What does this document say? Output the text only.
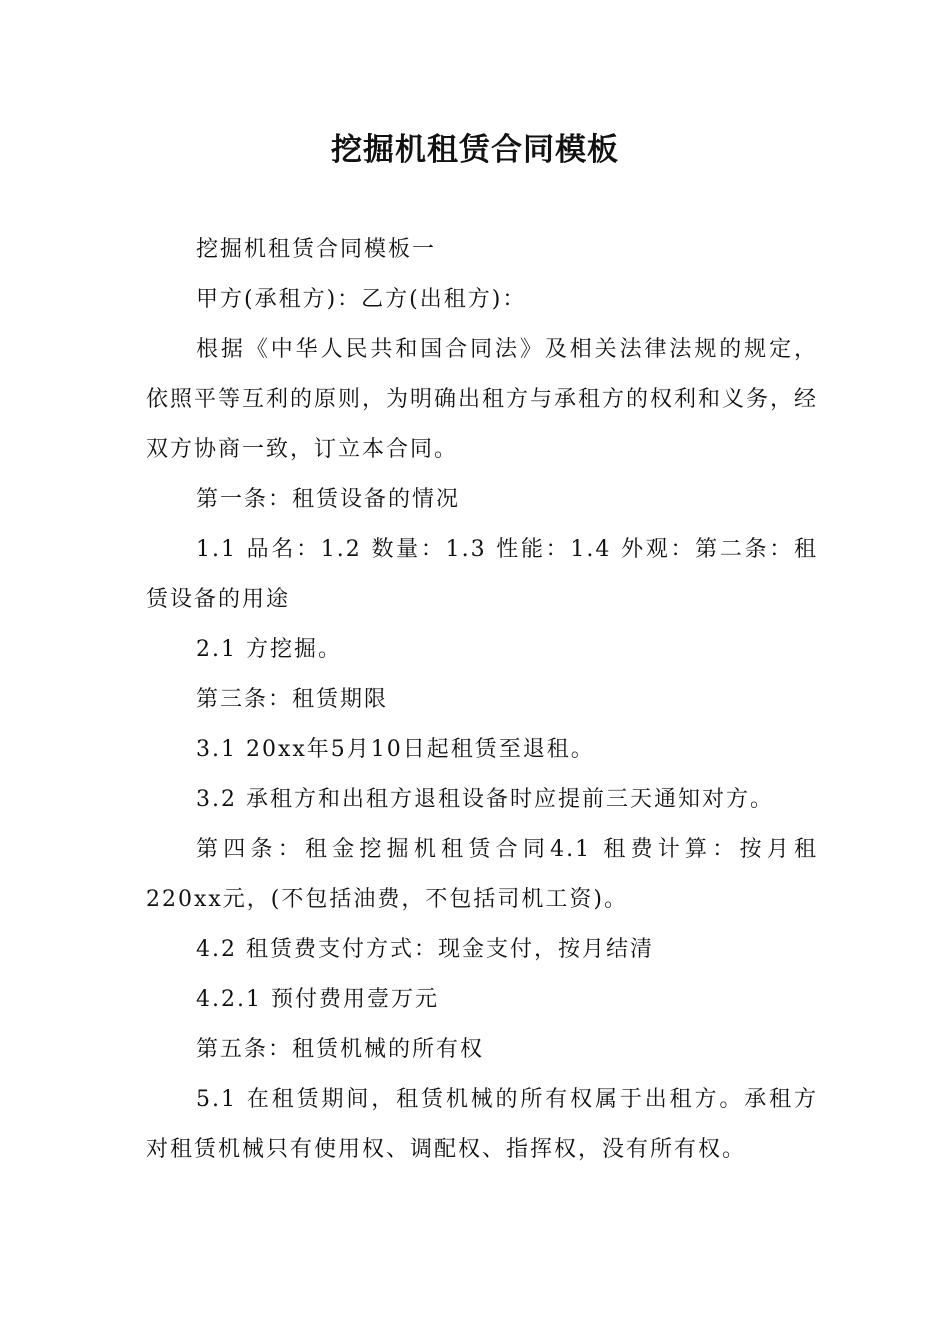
挖掘机租赁合同模板

挖掘机租赁合同模板一

甲方(承租方)：乙方(出租方)：

根据《中华人民共和国合同法》及相关法律法规的规定， 依照平等互利的原则，为明确出租方与承租方的权利和义务，经双方协商一致，订立本合同。

第一条：租赁设备的情况

1.1 品名：1.2 数量：1.3 性能：1.4 外观：第二条：租赁设备的用途

2.1 方挖掘。

第三条：租赁期限

3.1 20xx年5月10日起租赁至退租。

3.2 承租方和出租方退租设备时应提前三天通知对方。

第四条：租金挖掘机租赁合同4.1 租费计算：按月租220xx元，(不包括油费，不包括司机工资)。

4.2 租赁费支付方式：现金支付，按月结清

4.2.1 预付费用壹万元

第五条：租赁机械的所有权

5.1 在租赁期间，租赁机械的所有权属于出租方。承租方对租赁机械只有使用权、调配权、指挥权，没有所有权。
